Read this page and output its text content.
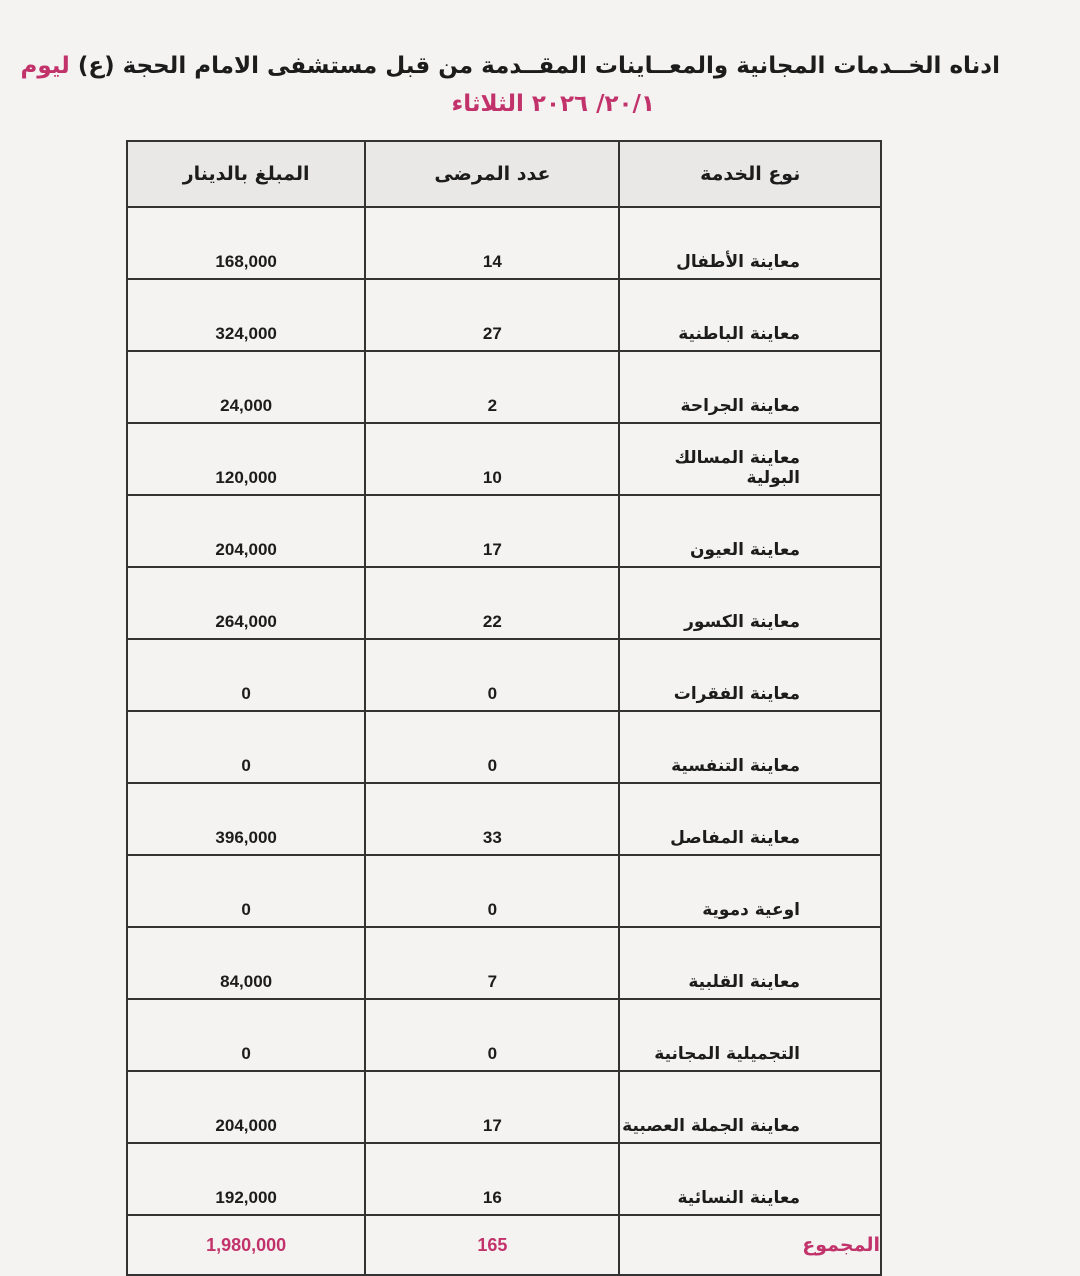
ادناه الخــدمات المجانية والمعــاينات المقــدمة من قبل مستشفى الامام الحجة (ع) ليوم
٢٠/١/ ٢٠٢٦ الثلاثاء
نوع الخدمة	عدد المرضى	المبلغ بالدينار
معاينة الأطفال	14	168,000
معاينة الباطنية	27	324,000
معاينة الجراحة	2	24,000
معاينة المسالك البولية	10	120,000
معاينة العيون	17	204,000
معاينة الكسور	22	264,000
معاينة الفقرات	0	0
معاينة التنفسية	0	0
معاينة المفاصل	33	396,000
اوعية دموية	0	0
معاينة القلبية	7	84,000
التجميلية المجانية	0	0
معاينة الجملة العصبية	17	204,000
معاينة النسائية	16	192,000
المجموع	165	1,980,000
